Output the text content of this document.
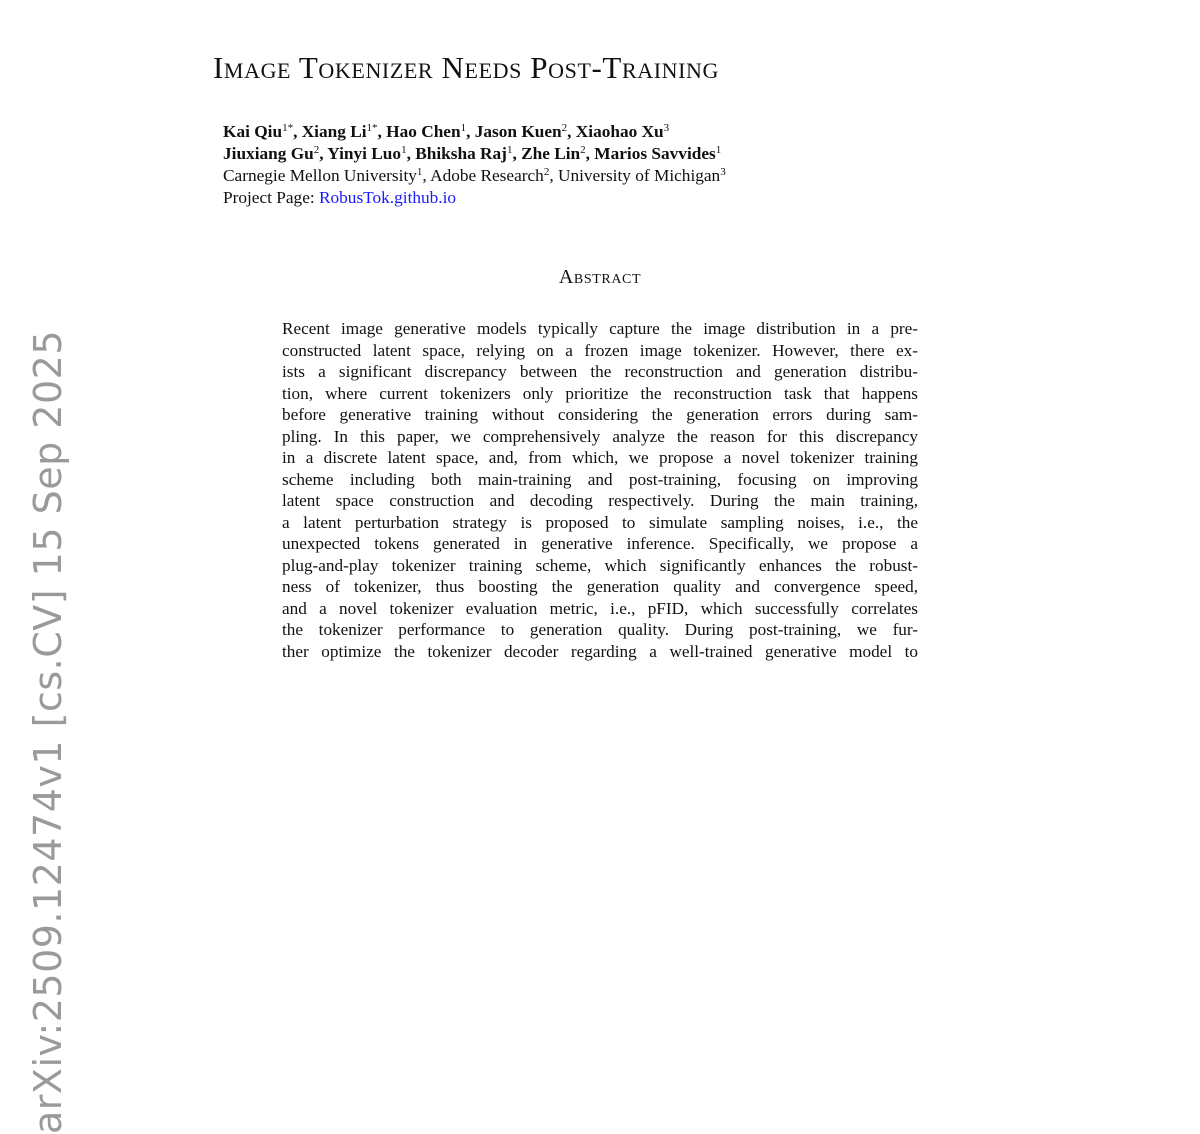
arXiv:2509.12474v1 [cs.CV] 15 Sep 2025
Image Tokenizer Needs Post-Training
Kai Qiu$^{1*}$, Xiang $Li^{1*}$, Hao Chen$^1$, Jason Kuen$^2$, Xiaohao Xu$^3$
Jiuxiang Gu$^2$, Yinyi Luo$^1$, Bhiksha Raj$^1$, Zhe Lin$^2$, Marios Savvides$^1$
Carnegie Mellon University$^1$, Adobe Research$^2$, University of Michigan$^3$
Project Page: RobusTok.github.io
Abstract
Recent image generative models typically capture the image distribution in a pre-
constructed latent space, relying on a frozen image tokenizer. However, there ex-
ists a significant discrepancy between the reconstruction and generation distribu-
tion, where current tokenizers only prioritize the reconstruction task that happens
before generative training without considering the generation errors during sam-
pling. In this paper, we comprehensively analyze the reason for this discrepancy
in a discrete latent space, and, from which, we propose a novel tokenizer training
scheme including both main-training and post-training, focusing on improving
latent space construction and decoding respectively. During the main training,
a latent perturbation strategy is proposed to simulate sampling noises, i.e., the
unexpected tokens generated in generative inference. Specifically, we propose a
plug-and-play tokenizer training scheme, which significantly enhances the robust-
ness of tokenizer, thus boosting the generation quality and convergence speed,
and a novel tokenizer evaluation metric, i.e., pFID, which successfully correlates
the tokenizer performance to generation quality. During post-training, we fur-
ther optimize the tokenizer decoder regarding a well-trained generative model to
